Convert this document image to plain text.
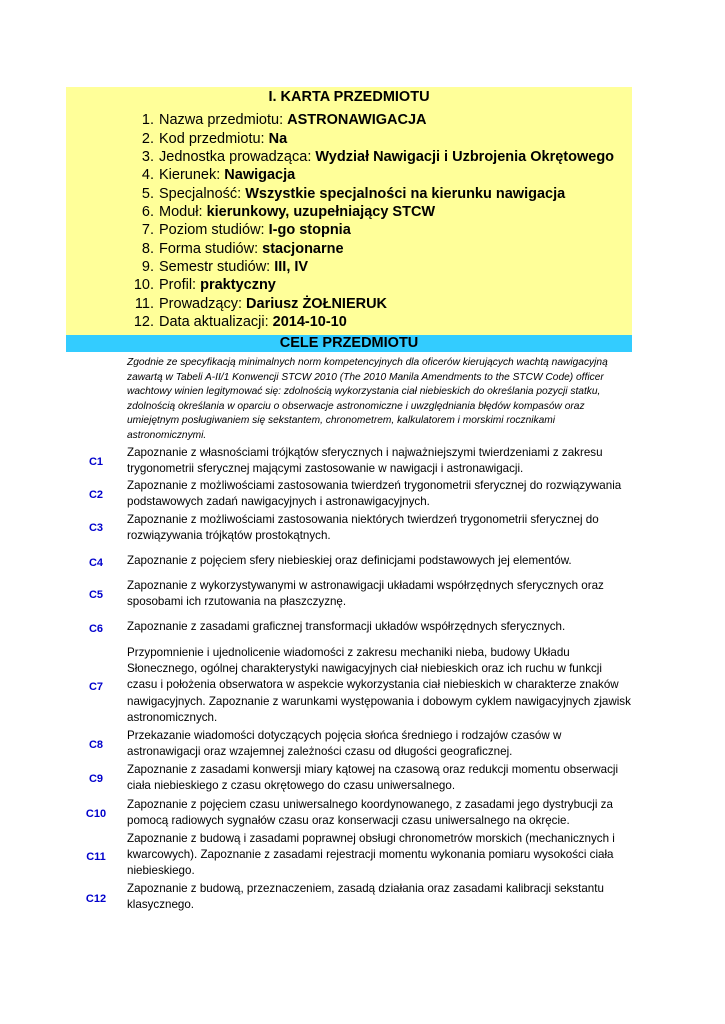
I. KARTA PRZEDMIOTU
1. Nazwa przedmiotu: ASTRONAWIGACJA
2. Kod przedmiotu: Na
3. Jednostka prowadząca: Wydział Nawigacji i Uzbrojenia Okrętowego
4. Kierunek: Nawigacja
5. Specjalność: Wszystkie specjalności na kierunku nawigacja
6. Moduł: kierunkowy, uzupełniający STCW
7. Poziom studiów: I-go stopnia
8. Forma studiów: stacjonarne
9. Semestr studiów: III, IV
10. Profil: praktyczny
11. Prowadzący: Dariusz ŻOŁNIERUK
12. Data aktualizacji: 2014-10-10
CELE PRZEDMIOTU
Zgodnie ze specyfikacją minimalnych norm kompetencyjnych dla oficerów kierujących wachtą nawigacyjną zawartą w Tabeli A-II/1 Konwencji STCW 2010 (The 2010 Manila Amendments to the STCW Code) officer wachtowy winien legitymować się: zdolnością wykorzystania ciał niebieskich do określania pozycji statku, zdolnością określania w oparciu o obserwacje astronomiczne i uwzględniania błędów kompasów oraz umiejętnym posługiwaniem się sekstantem, chronometrem, kalkulatorem i morskimi rocznikami astronomicznymi.
C1
Zapoznanie z własnościami trójkątów sferycznych i najważniejszymi twierdzeniami z zakresu trygonometrii sferycznej mającymi zastosowanie w nawigacji i astronawigacji.
C2
Zapoznanie z możliwościami zastosowania twierdzeń trygonometrii sferycznej do rozwiązywania podstawowych zadań nawigacyjnych i astronawigacyjnych.
C3
Zapoznanie z możliwościami zastosowania niektórych twierdzeń trygonometrii sferycznej do rozwiązywania trójkątów prostokątnych.
C4	Zapoznanie z pojęciem sfery niebieskiej oraz definicjami podstawowych jej elementów.
C5
Zapoznanie z wykorzystywanymi w astronawigacji układami współrzędnych sferycznych oraz sposobami ich rzutowania na płaszczyznę.
C6	Zapoznanie z zasadami graficznej transformacji układów współrzędnych sferycznych.
C7
Przypomnienie i ujednolicenie wiadomości z zakresu mechaniki nieba, budowy Układu Słonecznego, ogólnej charakterystyki nawigacyjnych ciał niebieskich oraz ich ruchu w funkcji czasu i położenia obserwatora w aspekcie wykorzystania ciał niebieskich w charakterze znaków nawigacyjnych. Zapoznanie z warunkami występowania i dobowym cyklem nawigacyjnych zjawisk astronomicznych.
C8
Przekazanie wiadomości dotyczących pojęcia słońca średniego i rodzajów czasów w astronawigacji oraz wzajemnej zależności czasu od długości geograficznej.
C9
Zapoznanie z zasadami konwersji miary kątowej na czasową oraz redukcji momentu obserwacji ciała niebieskiego z czasu okrętowego do czasu uniwersalnego.
C10
Zapoznanie z pojęciem czasu uniwersalnego koordynowanego, z zasadami jego dystrybucji za pomocą radiowych sygnałów czasu oraz konserwacji czasu uniwersalnego na okręcie.
C11
Zapoznanie z budową i zasadami poprawnej obsługi chronometrów morskich (mechanicznych i kwarcowych). Zapoznanie z zasadami rejestracji momentu wykonania pomiaru wysokości ciała niebieskiego.
C12
Zapoznanie z budową, przeznaczeniem, zasadą działania oraz zasadami kalibracji sekstantu klasycznego.
